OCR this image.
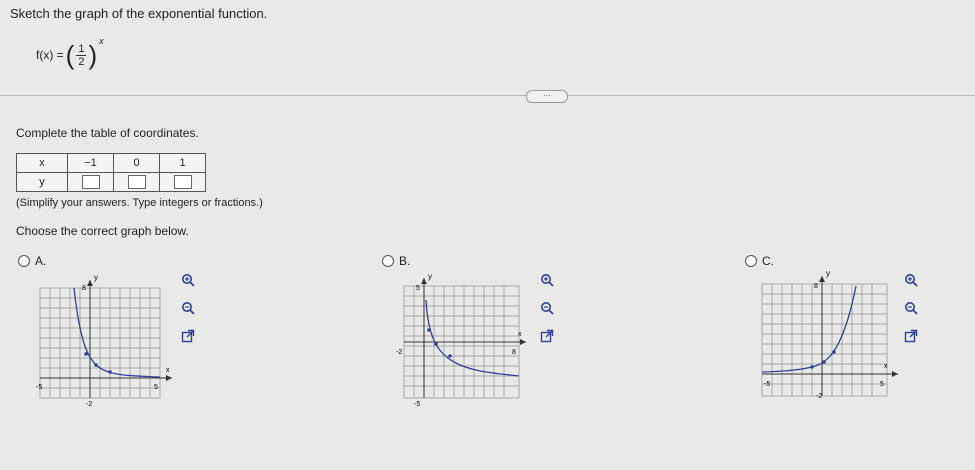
Sketch the graph of the exponential function.
f(x) = ( $\frac{1}{2}$ ) x
···
Complete the table of coordinates.
x	−1	0	1
y			
(Simplify your answers. Type integers or fractions.)
Choose the correct graph below.
A.
y
8
x
-5	5
-2
B.
y
5
x
-2	8
-5
C.
y
8
x
-5	5
-2
